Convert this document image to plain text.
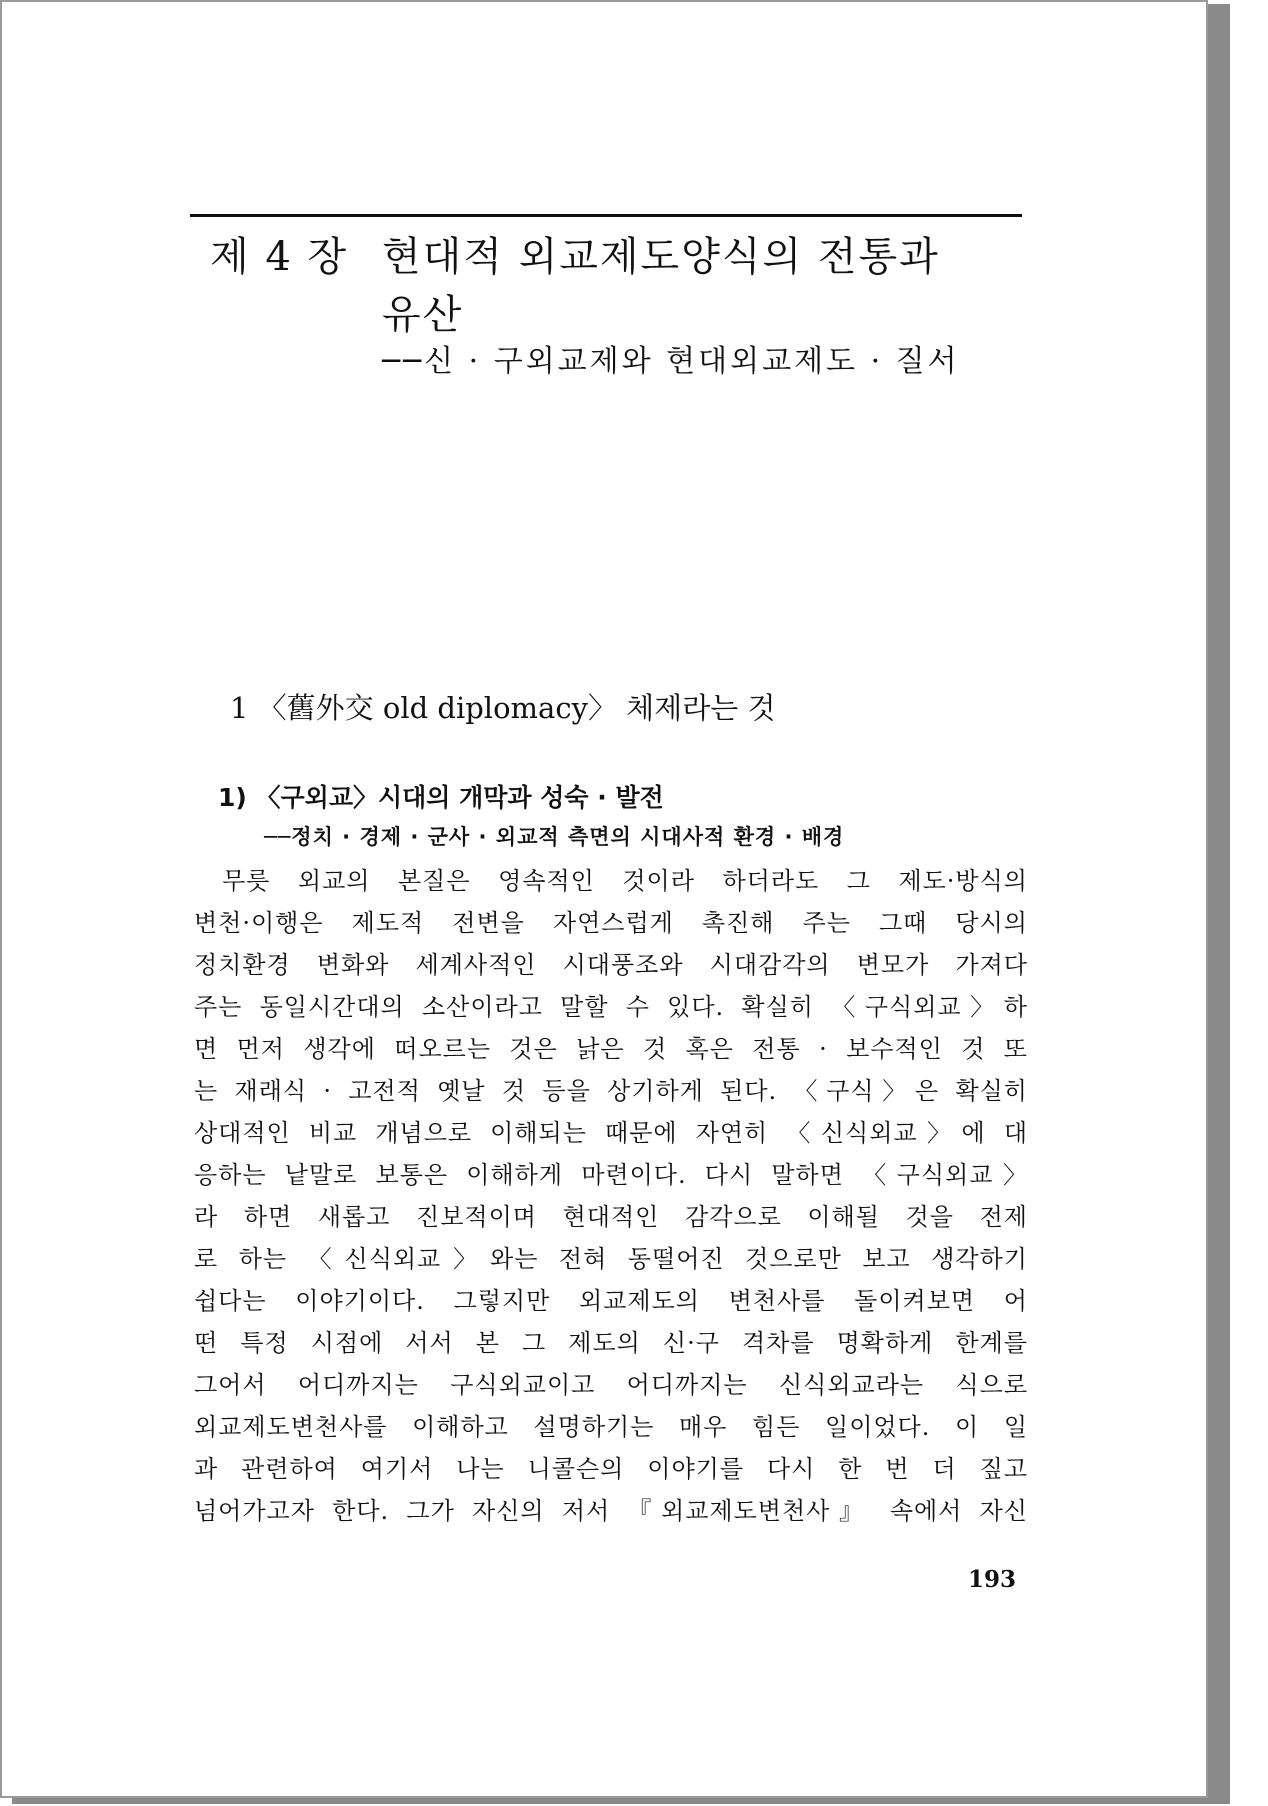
제 4 장 현대적 외교제도양식의 전통과
유산
──신 · 구외교제와 현대외교제도 · 질서
1 〈舊外交 old diplomacy〉 체제라는 것
1) 〈구외교〉시대의 개막과 성숙 · 발전
──정치 · 경제 · 군사 · 외교적 측면의 시대사적 환경 · 배경
무릇 외교의 본질은 영속적인 것이라 하더라도 그 제도·방식의
변천·이행은 제도적 전변을 자연스럽게 촉진해 주는 그때 당시의
정치환경 변화와 세계사적인 시대풍조와 시대감각의 변모가 가져다
주는 동일시간대의 소산이라고 말할 수 있다. 확실히 〈구식외교〉하
면 먼저 생각에 떠오르는 것은 낡은 것 혹은 전통 · 보수적인 것 또
는 재래식 · 고전적 옛날 것 등을 상기하게 된다. 〈구식〉은 확실히
상대적인 비교 개념으로 이해되는 때문에 자연히 〈신식외교〉에 대
응하는 낱말로 보통은 이해하게 마련이다. 다시 말하면 〈구식외교〉
라 하면 새롭고 진보적이며 현대적인 감각으로 이해될 것을 전제
로 하는 〈신식외교〉와는 전혀 동떨어진 것으로만 보고 생각하기
쉽다는 이야기이다. 그렇지만 외교제도의 변천사를 돌이켜보면 어
떤 특정 시점에 서서 본 그 제도의 신·구 격차를 명확하게 한계를
그어서 어디까지는 구식외교이고 어디까지는 신식외교라는 식으로
외교제도변천사를 이해하고 설명하기는 매우 힘든 일이었다. 이 일
과 관련하여 여기서 나는 니콜슨의 이야기를 다시 한 번 더 짚고
넘어가고자 한다. 그가 자신의 저서 『외교제도변천사』 속에서 자신
193
